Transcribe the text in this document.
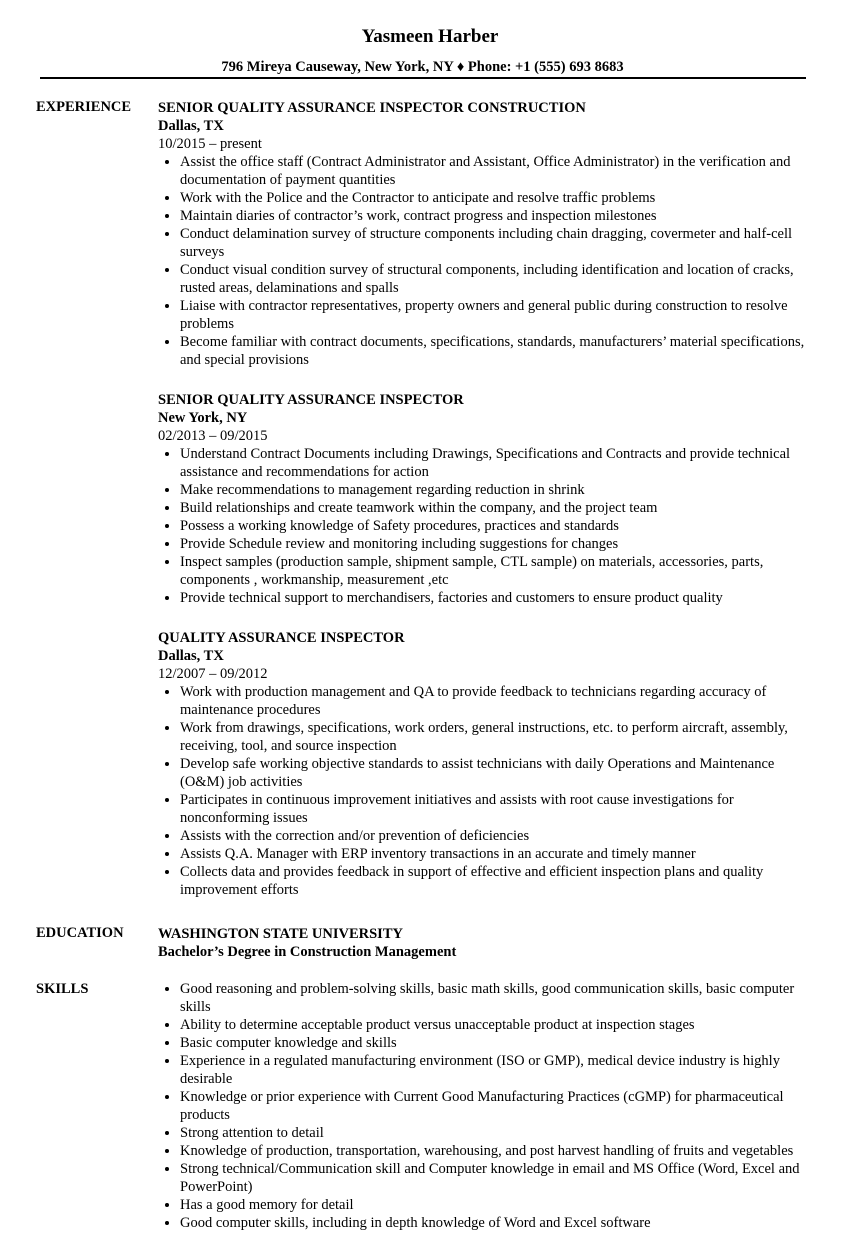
Yasmeen Harber
796 Mireya Causeway, New York, NY ♦ Phone: +1 (555) 693 8683
EXPERIENCE SENIOR QUALITY ASSURANCE INSPECTOR CONSTRUCTION
Dallas, TX
10/2015 – present
• Assist the office staff (Contract Administrator and Assistant, Office Administrator) in the verification and documentation of payment quantities
• Work with the Police and the Contractor to anticipate and resolve traffic problems
• Maintain diaries of contractor’s work, contract progress and inspection milestones
• Conduct delamination survey of structure components including chain dragging, covermeter and half-cell surveys
• Conduct visual condition survey of structural components, including identification and location of cracks, rusted areas, delaminations and spalls
• Liaise with contractor representatives, property owners and general public during construction to resolve problems
• Become familiar with contract documents, specifications, standards, manufacturers’ material specifications, and special provisions
SENIOR QUALITY ASSURANCE INSPECTOR
New York, NY
02/2013 – 09/2015
• Understand Contract Documents including Drawings, Specifications and Contracts and provide technical assistance and recommendations for action
• Make recommendations to management regarding reduction in shrink
• Build relationships and create teamwork within the company, and the project team
• Possess a working knowledge of Safety procedures, practices and standards
• Provide Schedule review and monitoring including suggestions for changes
• Inspect samples (production sample, shipment sample, CTL sample) on materials, accessories, parts, components , workmanship, measurement ,etc
• Provide technical support to merchandisers, factories and customers to ensure product quality
QUALITY ASSURANCE INSPECTOR
Dallas, TX
12/2007 – 09/2012
• Work with production management and QA to provide feedback to technicians regarding accuracy of maintenance procedures
• Work from drawings, specifications, work orders, general instructions, etc. to perform aircraft, assembly, receiving, tool, and source inspection
• Develop safe working objective standards to assist technicians with daily Operations and Maintenance (O&M) job activities
• Participates in continuous improvement initiatives and assists with root cause investigations for nonconforming issues
• Assists with the correction and/or prevention of deficiencies
• Assists Q.A. Manager with ERP inventory transactions in an accurate and timely manner
• Collects data and provides feedback in support of effective and efficient inspection plans and quality improvement efforts
EDUCATION WASHINGTON STATE UNIVERSITY
Bachelor’s Degree in Construction Management
SKILLS
•	Good reasoning and problem-solving skills, basic math skills, good communication skills, basic computer skills
• Ability to determine acceptable product versus unacceptable product at inspection stages
• Basic computer knowledge and skills
• Experience in a regulated manufacturing environment (ISO or GMP), medical device industry is highly desirable
• Knowledge or prior experience with Current Good Manufacturing Practices (cGMP) for pharmaceutical products
• Strong attention to detail
• Knowledge of production, transportation, warehousing, and post harvest handling of fruits and vegetables
• Strong technical/Communication skill and Computer knowledge in email and MS Office (Word, Excel and PowerPoint)
• Has a good memory for detail
• Good computer skills, including in depth knowledge of Word and Excel software
